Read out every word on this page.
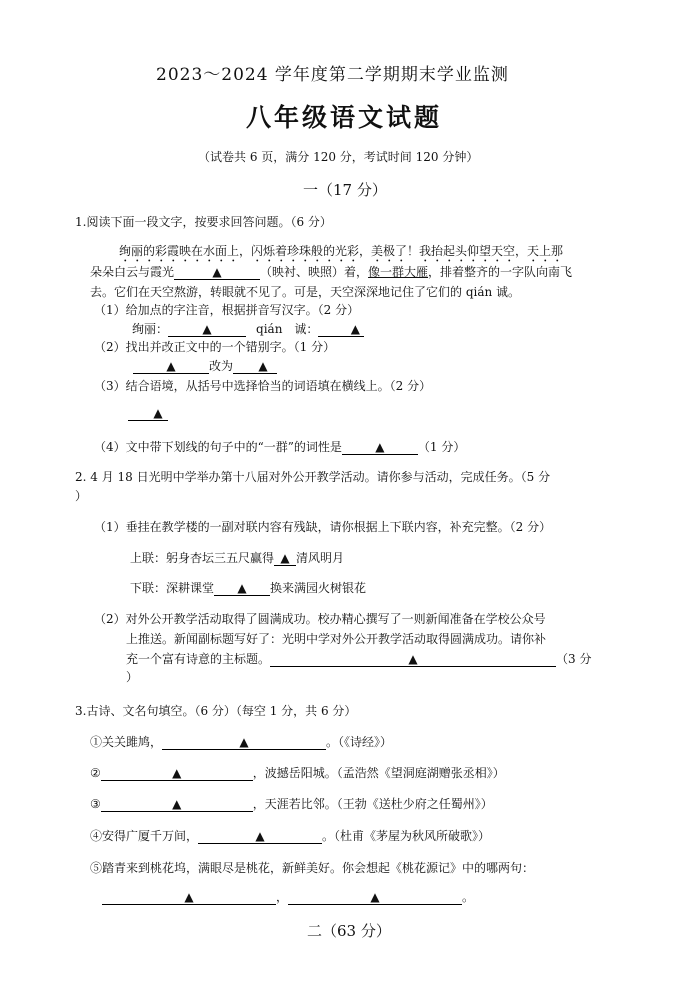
2023～2024 学年度第二学期期末学业监测
八年级语文试题
（试卷共 6 页，满分 120 分，考试时间 120 分钟）
一（17 分）
1.阅读下面一段文字，按要求回答问题。（6 分）
绚丽的彩霞映在水面上，闪烁着珍珠般的光彩，美极了！我抬起头仰望天空，天上那
朵朵白云与霞光	▲	（映衬、映照）着，像一群大雁，排着整齐的一字队向南飞
去。它们在天空熬游，转眼就不见了。可是，天空深深地记住了它们的 qián 诚。
（1）给加点的字注音，根据拼音写汉字。（2 分）
绚丽：	▲	qián　诚：	▲
（2）找出并改正文中的一个错别字。（1 分）
▲	改为 ▲
（3）结合语境，从括号中选择恰当的词语填在横线上。（2 分）
▲
（4）文中带下划线的句子中的“一群”的词性是	▲	（1 分）
2. 4 月 18 日光明中学举办第十八届对外公开教学活动。请你参与活动，完成任务。（5 分
）
（1）垂挂在教学楼的一副对联内容有残缺，请你根据上下联内容，补充完整。（2 分）
上联：躬身杏坛三五尺赢得 ▲ 清风明月
下联：深耕课堂 ▲ 换来满园火树银花
（2）对外公开教学活动取得了圆满成功。校办精心撰写了一则新闻准备在学校公众号
上推送。新闻副标题写好了：光明中学对外公开教学活动取得圆满成功。请你补
充一个富有诗意的主标题。	▲	（3 分
）
3.古诗、文名句填空。（6 分）（每空 1 分，共 6 分）
①关关雎鸠，	▲	。（《诗经》）
②	▲	，波撼岳阳城。（孟浩然《望洞庭湖赠张丞相》）
③	▲	，天涯若比邻。（王勃《送杜少府之任蜀州》）
④安得广厦千万间，	▲	。（杜甫《茅屋为秋风所破歌》）
⑤踏青来到桃花坞，满眼尽是桃花，新鲜美好。你会想起《桃花源记》中的哪两句：
▲	，	▲	。
二（63 分）
